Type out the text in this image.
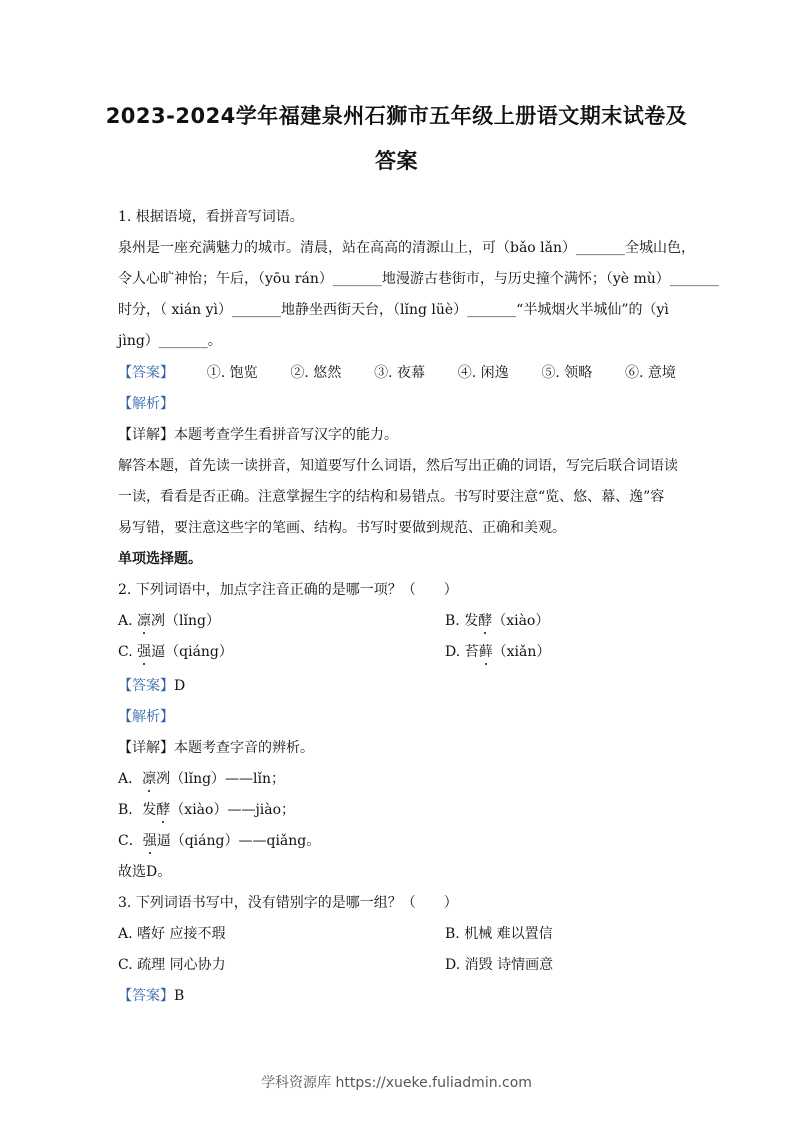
2023-2024学年福建泉州石狮市五年级上册语文期末试卷及
答案
1. 根据语境，看拼音写词语。
泉州是一座充满魅力的城市。清晨，站在高高的清源山上，可（bǎo lǎn）_______全城山色，
令人心旷神怡；午后，（yōu rán）_______地漫游古巷街市，与历史撞个满怀；（yè mù）_______
时分，（ xián yì）_______地静坐西街天台，（lǐng lüè）_______“半城烟火半城仙”的（yì
jìng）_______。
【答案】 ①. 饱览 ②. 悠然 ③. 夜幕 ④. 闲逸 ⑤. 领略 ⑥. 意境
【解析】
【详解】本题考查学生看拼音写汉字的能力。
解答本题，首先读一读拼音，知道要写什么词语，然后写出正确的词语，写完后联合词语读
一读，看看是否正确。注意掌握生字的结构和易错点。书写时要注意“览、悠、幕、逸”容
易写错，要注意这些字的笔画、结构。书写时要做到规范、正确和美观。
单项选择题。
2. 下列词语中，加点字注音正确的是哪一项？（　　）
A. 凛冽（lǐng）	B. 发酵（xiào）
C. 强逼（qiáng）	D. 苔藓（xiǎn）
【答案】D
【解析】
【详解】本题考查字音的辨析。
A．凛冽（lǐng）——lǐn；
B．发酵（xiào）——jiào；
C．强逼（qiáng）——qiǎng。
故选D。
3. 下列词语书写中，没有错别字的是哪一组？（　　）
A. 嗜好 应接不瑕	B. 机械 难以置信
C. 疏理 同心协力	D. 消毁 诗情画意
【答案】B
学科资源库 https://xueke.fuliadmin.com
